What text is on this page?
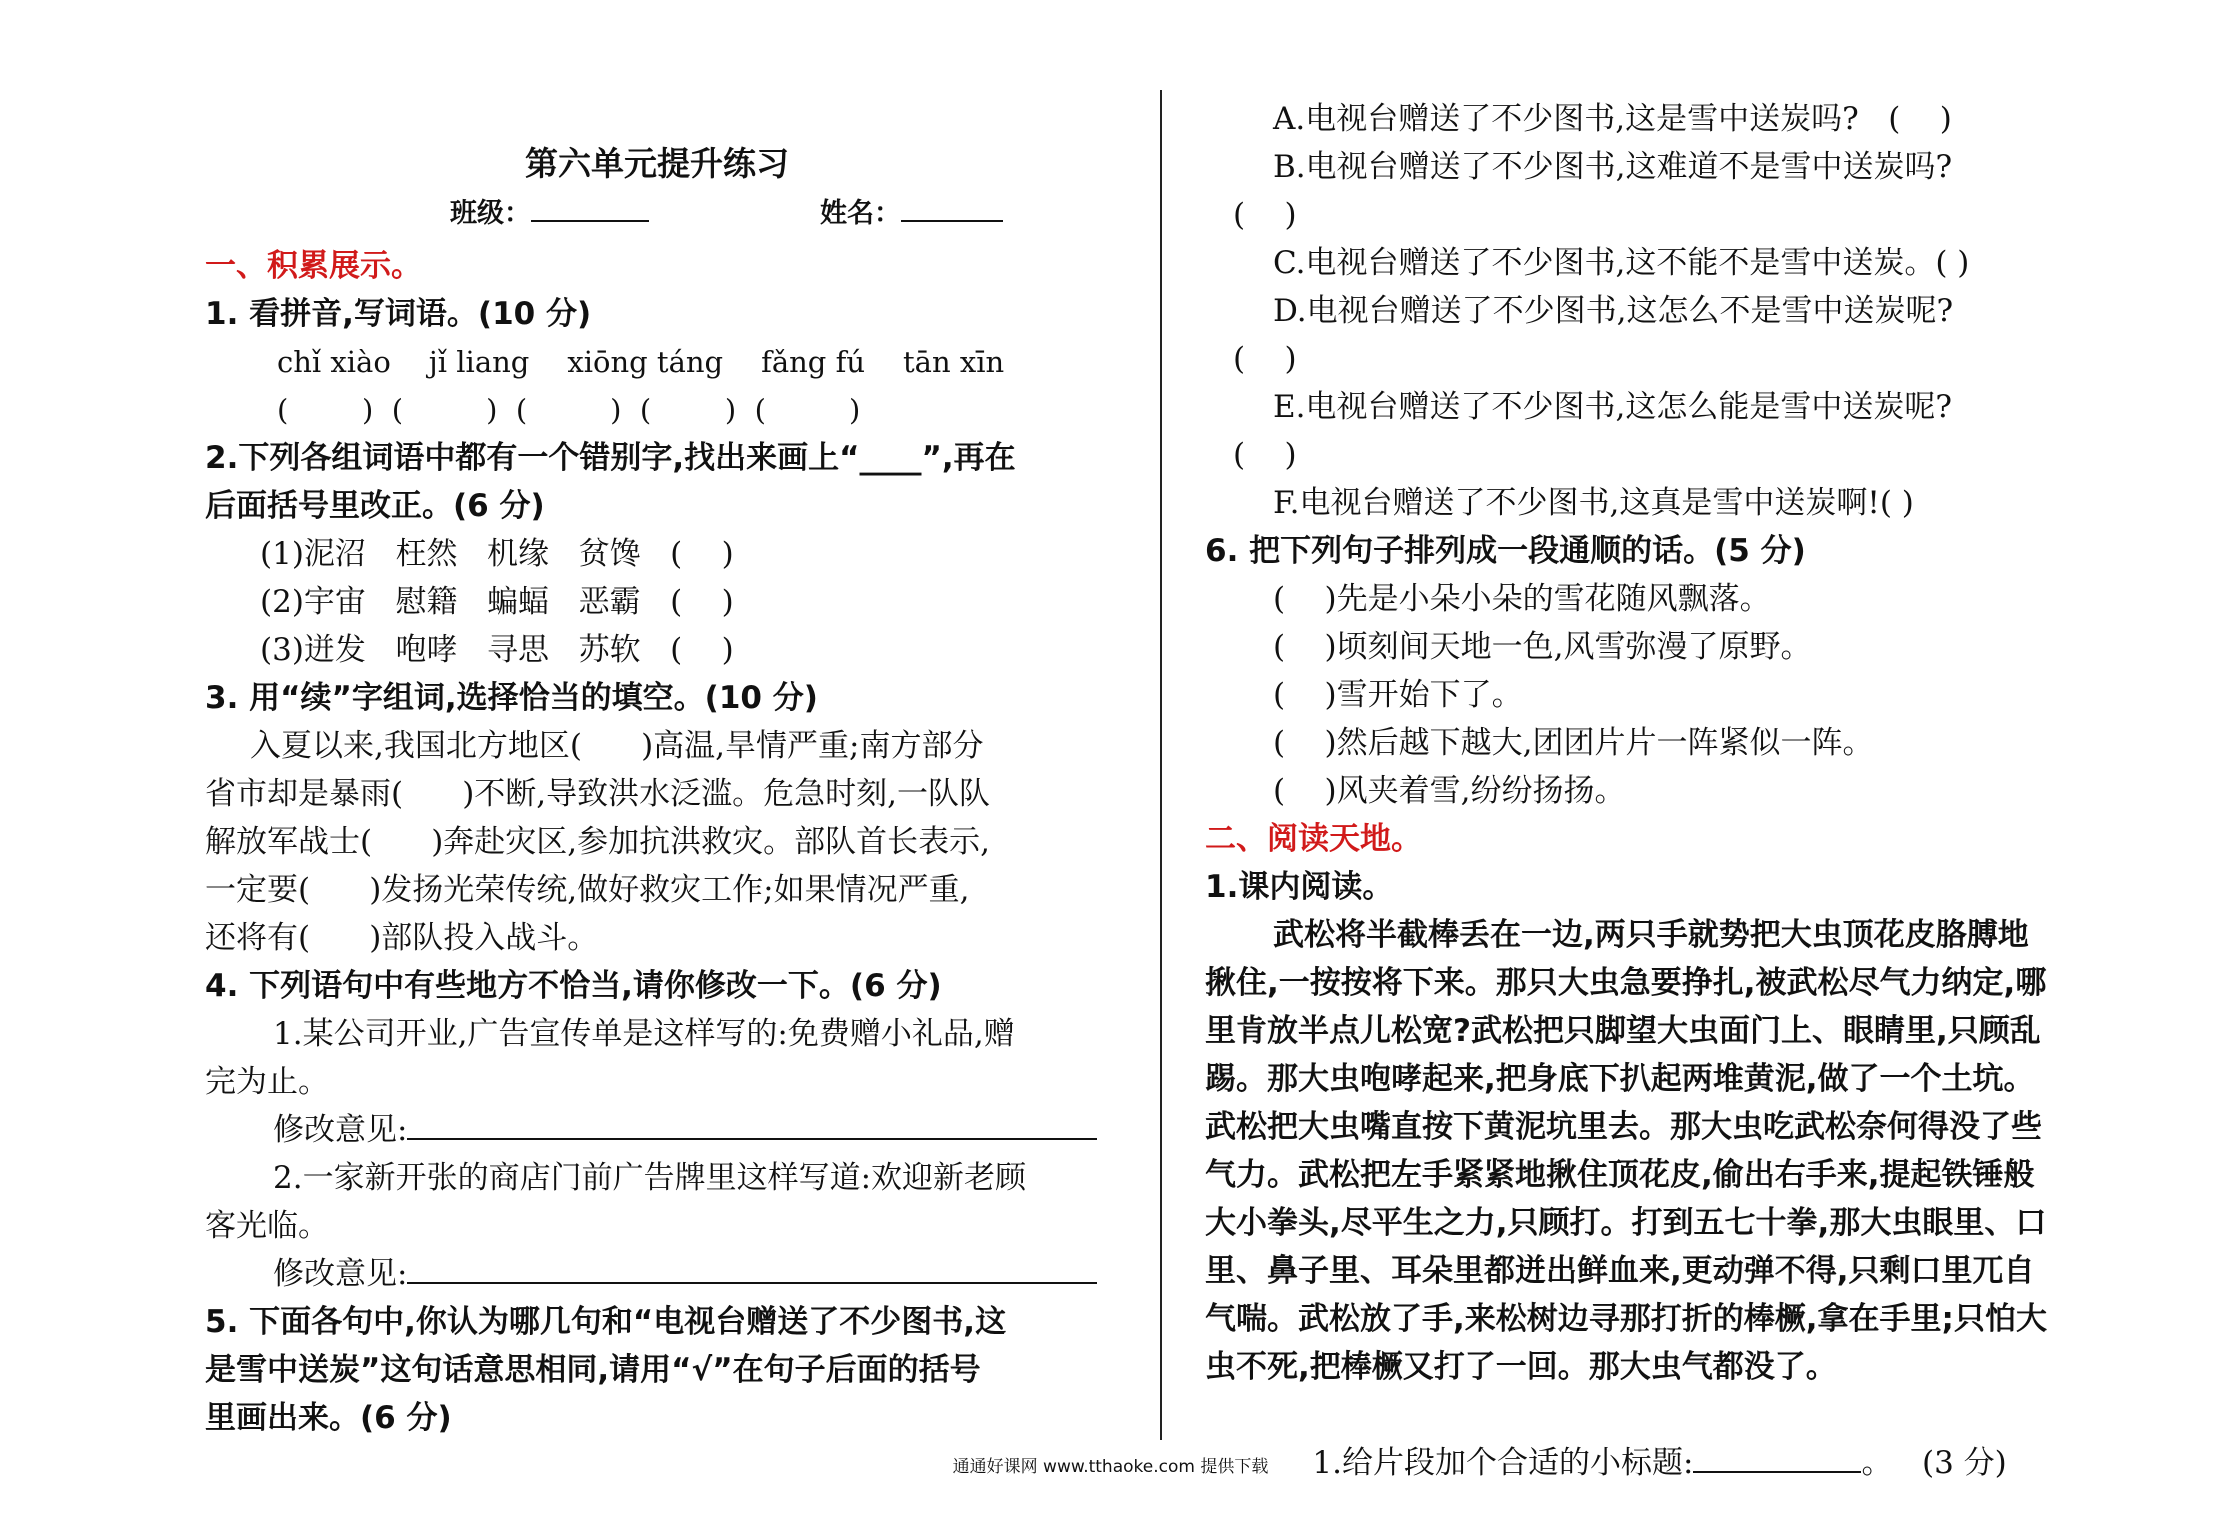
第六单元提升练习
班级：	姓名：
一、积累展示。
1. 看拼音,写词语。(10 分)
chǐ xiào jǐ liang xiōng táng fǎng fú tān xīn
(        )  (         )  (         )  (        )  (         )
2.下列各组词语中都有一个错别字,找出来画上“____”,再在
后面括号里改正。(6 分)
(1)泥沼   枉然   机缘   贫馋   (    )
(2)宇宙   慰籍   蝙蝠   恶霸   (    )
(3)迸发   咆哮   寻思   苏软   (    )
3. 用“续”字组词,选择恰当的填空。(10 分)
入夏以来,我国北方地区(      )高温,旱情严重;南方部分
省市却是暴雨(      )不断,导致洪水泛滥。危急时刻,一队队
解放军战士(      )奔赴灾区,参加抗洪救灾。部队首长表示,
一定要(      )发扬光荣传统,做好救灾工作;如果情况严重,
还将有(      )部队投入战斗。
4. 下列语句中有些地方不恰当,请你修改一下。(6 分)
1.某公司开业,广告宣传单是这样写的:免费赠小礼品,赠
完为止。
修改意见:
2.一家新开张的商店门前广告牌里这样写道:欢迎新老顾
客光临。
修改意见:
5. 下面各句中,你认为哪几句和“电视台赠送了不少图书,这
是雪中送炭”这句话意思相同,请用“√”在句子后面的括号
里画出来。(6 分)
A.电视台赠送了不少图书,这是雪中送炭吗?   (    )
B.电视台赠送了不少图书,这难道不是雪中送炭吗?
(    )
C.电视台赠送了不少图书,这不能不是雪中送炭。( )
D.电视台赠送了不少图书,这怎么不是雪中送炭呢?
(    )
E.电视台赠送了不少图书,这怎么能是雪中送炭呢?
(    )
F.电视台赠送了不少图书,这真是雪中送炭啊!( )
6. 把下列句子排列成一段通顺的话。(5 分)
(    )先是小朵小朵的雪花随风飘落。
(    )顷刻间天地一色,风雪弥漫了原野。
(    )雪开始下了。
(    )然后越下越大,团团片片一阵紧似一阵。
(    )风夹着雪,纷纷扬扬。
二、阅读天地。
1.课内阅读。
武松将半截棒丢在一边,两只手就势把大虫顶花皮胳膊地
揪住,一按按将下来。那只大虫急要挣扎,被武松尽气力纳定,哪
里肯放半点儿松宽?武松把只脚望大虫面门上、眼睛里,只顾乱
踢。那大虫咆哮起来,把身底下扒起两堆黄泥,做了一个土坑。
武松把大虫嘴直按下黄泥坑里去。那大虫吃武松奈何得没了些
气力。武松把左手紧紧地揪住顶花皮,偷出右手来,提起铁锤般
大小拳头,尽平生之力,只顾打。打到五七十拳,那大虫眼里、口
里、鼻子里、耳朵里都迸出鲜血来,更动弹不得,只剩口里兀自
气喘。武松放了手,来松树边寻那打折的棒橛,拿在手里;只怕大
虫不死,把棒橛又打了一回。那大虫气都没了。

1.给片段加个合适的小标题:	。   (3 分)

通通好课网 www.tthaoke.com 提供下载
